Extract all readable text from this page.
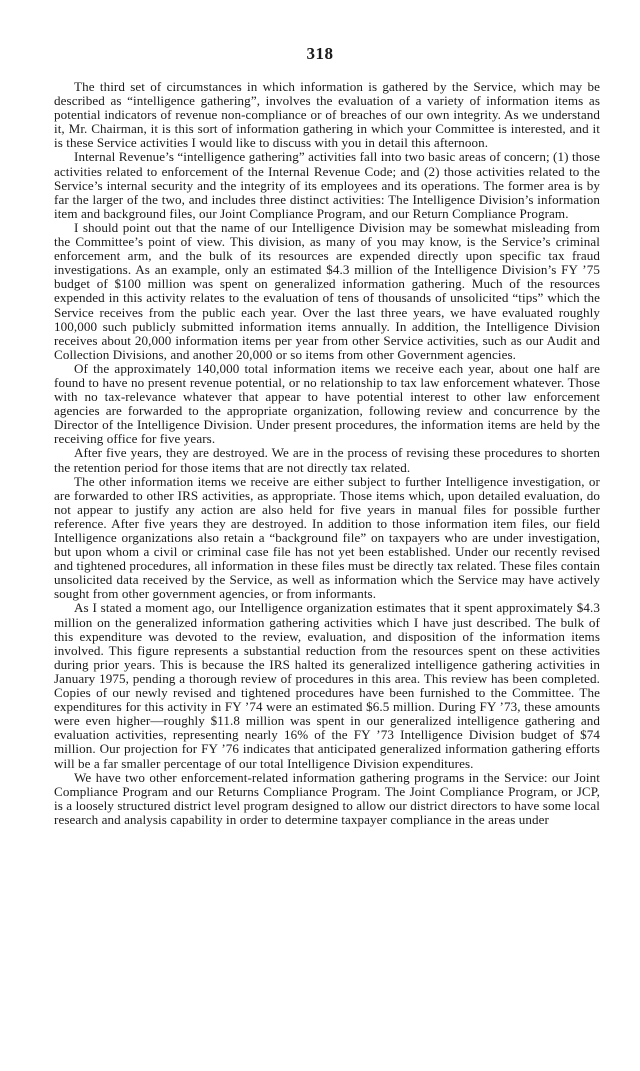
318

The third set of circumstances in which information is gathered by the Service, which may be described as “intelligence gathering”, involves the evaluation of a variety of information items as potential indicators of revenue non-compliance or of breaches of our own integrity. As we understand it, Mr. Chairman, it is this sort of information gathering in which your Committee is interested, and it is these Service activities I would like to discuss with you in detail this afternoon.

Internal Revenue’s “intelligence gathering” activities fall into two basic areas of concern; (1) those activities related to enforcement of the Internal Revenue Code; and (2) those activities related to the Service’s internal security and the integrity of its employees and its operations. The former area is by far the larger of the two, and includes three distinct activities: The Intelligence Division’s information item and background files, our Joint Compliance Program, and our Return Compliance Program.

I should point out that the name of our Intelligence Division may be somewhat misleading from the Committee’s point of view. This division, as many of you may know, is the Service’s criminal enforcement arm, and the bulk of its resources are expended directly upon specific tax fraud investigations. As an example, only an estimated $4.3 million of the Intelligence Division’s FY ’75 budget of $100 million was spent on generalized information gathering. Much of the resources expended in this activity relates to the evaluation of tens of thousands of unsolicited “tips” which the Service receives from the public each year. Over the last three years, we have evaluated roughly 100,000 such publicly submitted information items annually. In addition, the Intelligence Division receives about 20,000 information items per year from other Service activities, such as our Audit and Collection Divisions, and another 20,000 or so items from other Government agencies.

Of the approximately 140,000 total information items we receive each year, about one half are found to have no present revenue potential, or no relationship to tax law enforcement whatever. Those with no tax-relevance whatever that appear to have potential interest to other law enforcement agencies are forwarded to the appropriate organization, following review and concurrence by the Director of the Intelligence Division. Under present procedures, the information items are held by the receiving office for five years.

After five years, they are destroyed. We are in the process of revising these procedures to shorten the retention period for those items that are not directly tax related.

The other information items we receive are either subject to further Intelligence investigation, or are forwarded to other IRS activities, as appropriate. Those items which, upon detailed evaluation, do not appear to justify any action are also held for five years in manual files for possible further reference. After five years they are destroyed. In addition to those information item files, our field Intelligence organizations also retain a “background file” on taxpayers who are under investigation, but upon whom a civil or criminal case file has not yet been established. Under our recently revised and tightened procedures, all information in these files must be directly tax related. These files contain unsolicited data received by the Service, as well as information which the Service may have actively sought from other government agencies, or from informants.

As I stated a moment ago, our Intelligence organization estimates that it spent approximately $4.3 million on the generalized information gathering activities which I have just described. The bulk of this expenditure was devoted to the review, evaluation, and disposition of the information items involved. This figure represents a substantial reduction from the resources spent on these activities during prior years. This is because the IRS halted its generalized intelligence gathering activities in January 1975, pending a thorough review of procedures in this area. This review has been completed. Copies of our newly revised and tightened procedures have been furnished to the Committee. The expenditures for this activity in FY ’74 were an estimated $6.5 million. During FY ’73, these amounts were even higher—roughly $11.8 million was spent in our generalized intelligence gathering and evaluation activities, representing nearly 16% of the FY ’73 Intelligence Division budget of $74 million. Our projection for FY ’76 indicates that anticipated generalized information gathering efforts will be a far smaller percentage of our total Intelligence Division expenditures.

We have two other enforcement-related information gathering programs in the Service: our Joint Compliance Program and our Returns Compliance Program. The Joint Compliance Program, or JCP, is a loosely structured district level program designed to allow our district directors to have some local research and analysis capability in order to determine taxpayer compliance in the areas under
